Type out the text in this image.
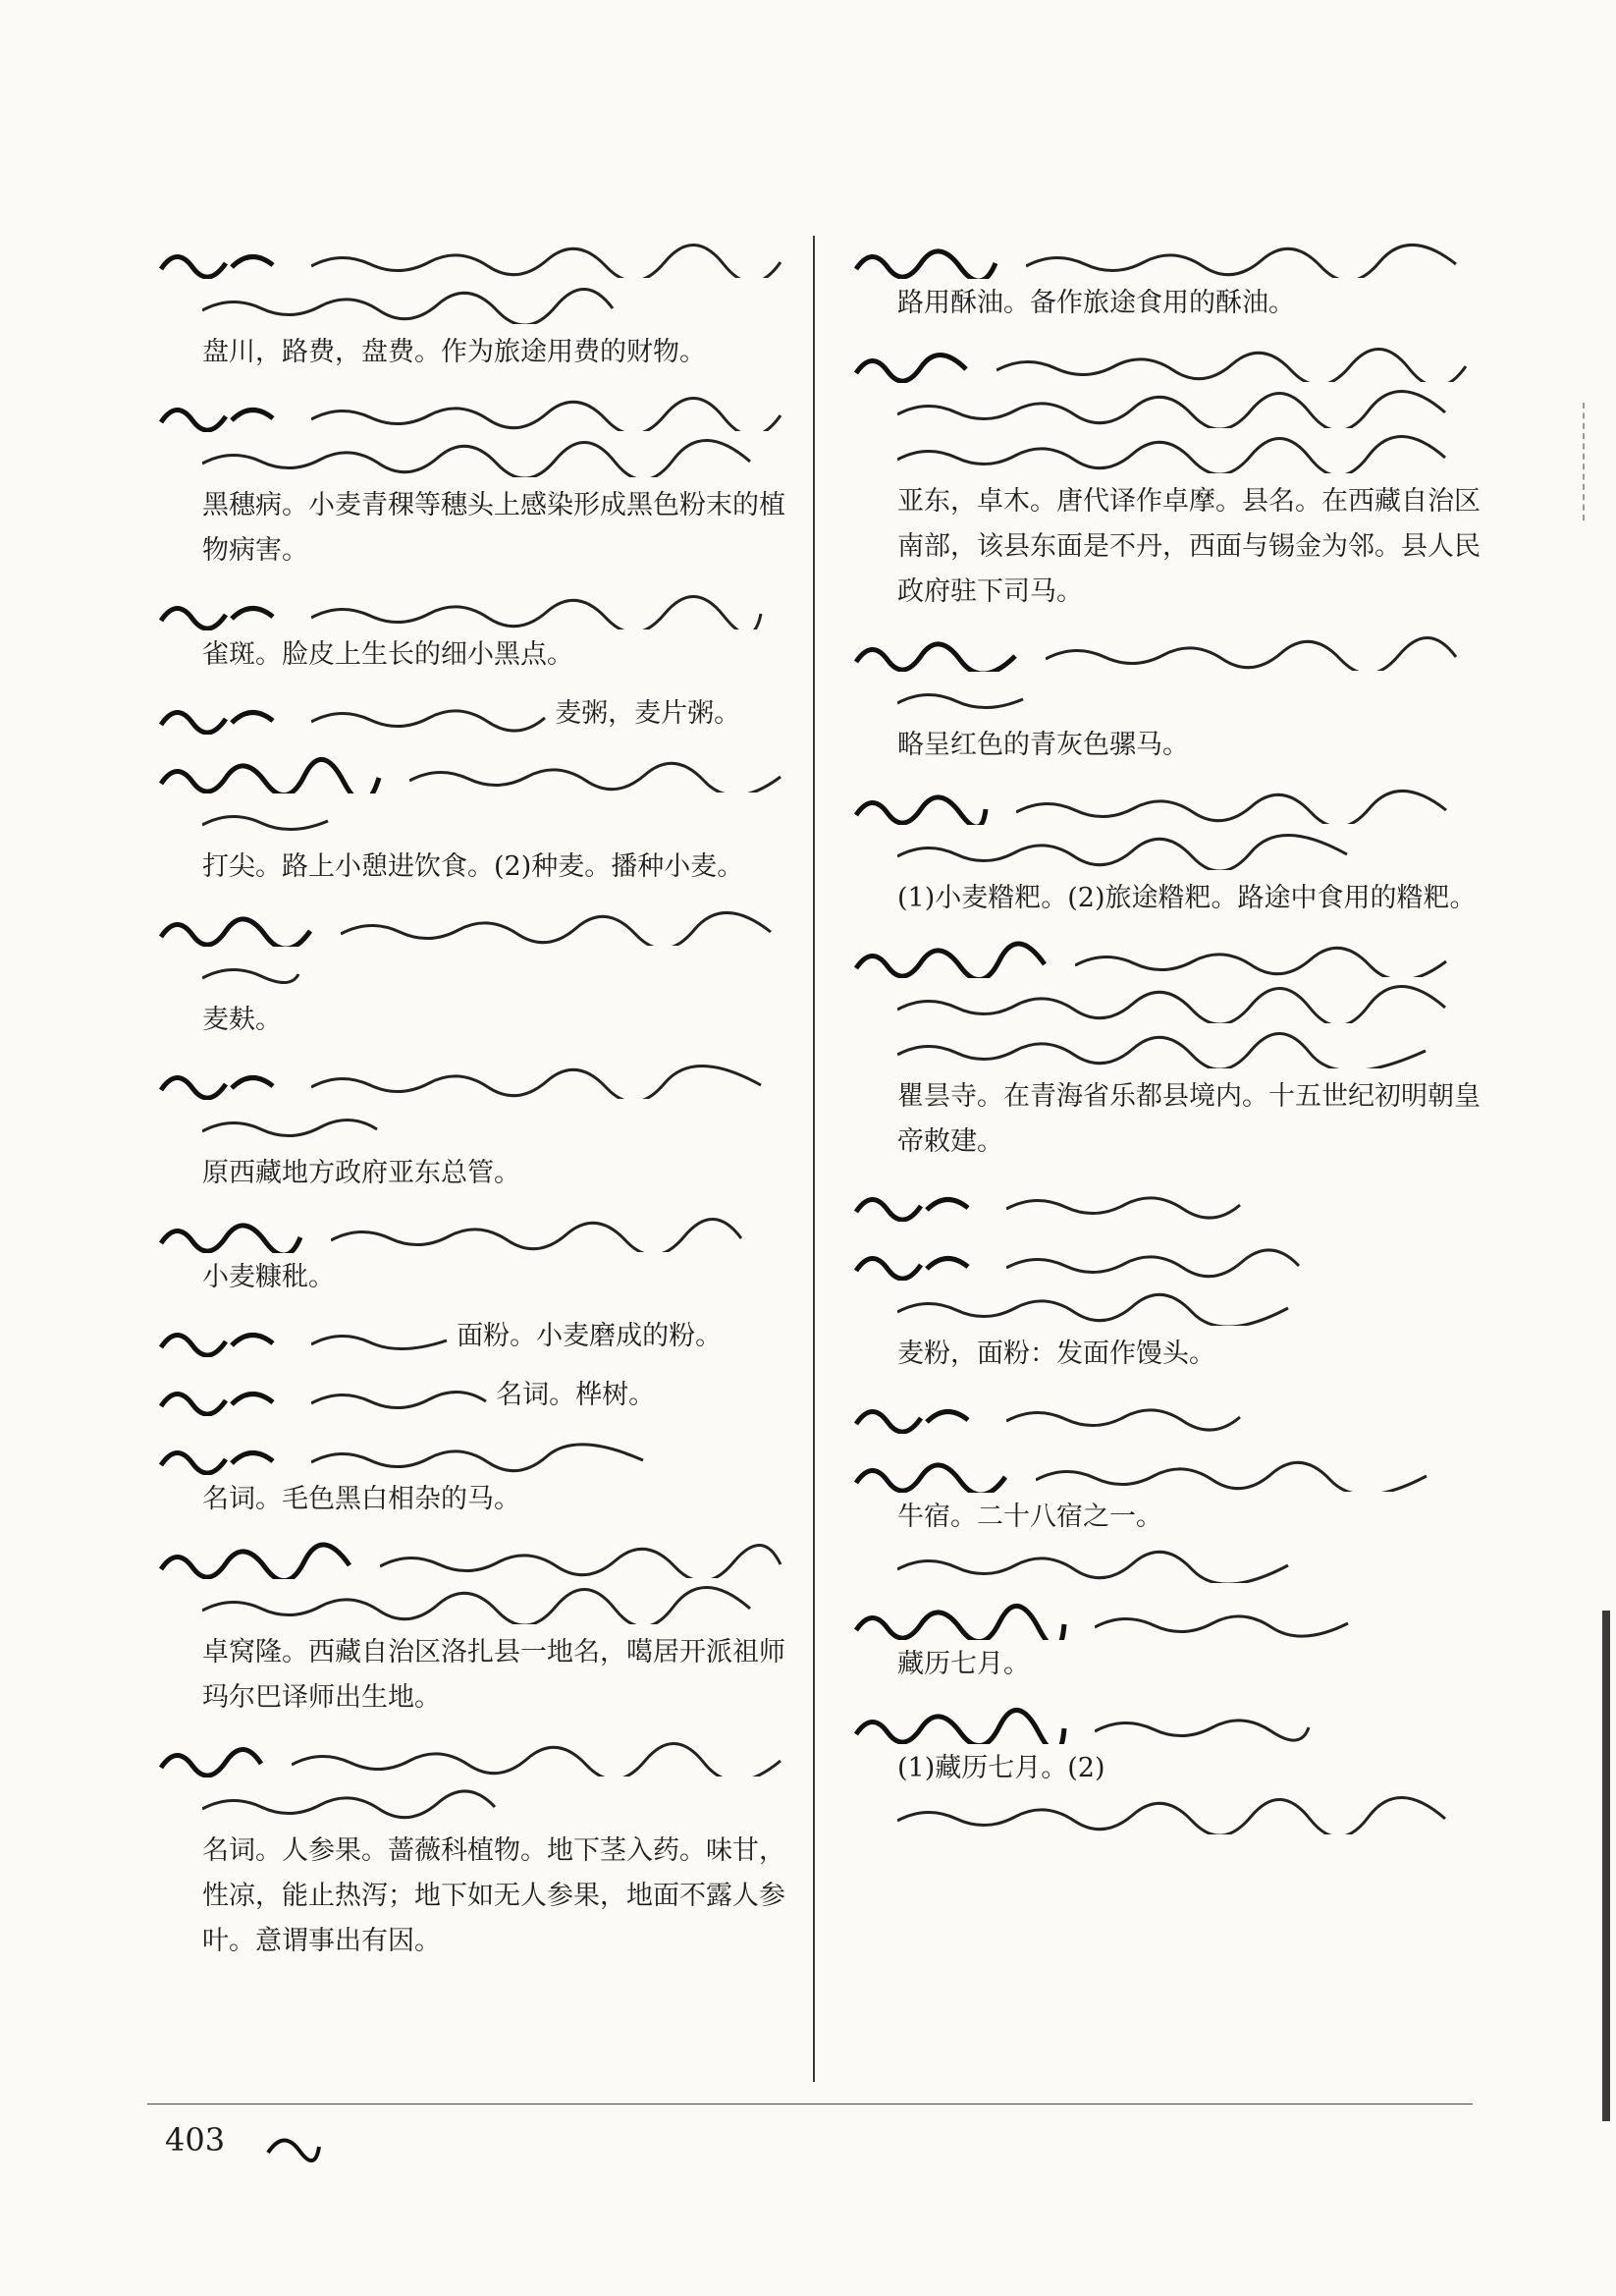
盘川，路费，盘费。作为旅途用费的财物。

黑穗病。小麦青稞等穗头上感染形成黑色粉末的植物病害。

雀斑。脸皮上生长的细小黑点。
麦粥，麦片粥。

打尖。路上小憩进饮食。(2)种麦。播种小麦。

麦麸。

原西藏地方政府亚东总管。

小麦糠秕。
面粉。小麦磨成的粉。
名词。桦树。

名词。毛色黑白相杂的马。

卓窝隆。西藏自治区洛扎县一地名，噶居开派祖师玛尔巴译师出生地。

名词。人参果。蔷薇科植物。地下茎入药。味甘，性凉，能止热泻；地下如无人参果，地面不露人参叶。意谓事出有因。

路用酥油。备作旅途食用的酥油。

亚东，卓木。唐代译作卓摩。县名。在西藏自治区南部，该县东面是不丹，西面与锡金为邻。县人民政府驻下司马。

略呈红色的青灰色骡马。

(1)小麦糌粑。(2)旅途糌粑。路途中食用的糌粑。

瞿昙寺。在青海省乐都县境内。十五世纪初明朝皇帝敕建。

麦粉，面粉：发面作馒头。

牛宿。二十八宿之一。

藏历七月。

(1)藏历七月。(2)
403
